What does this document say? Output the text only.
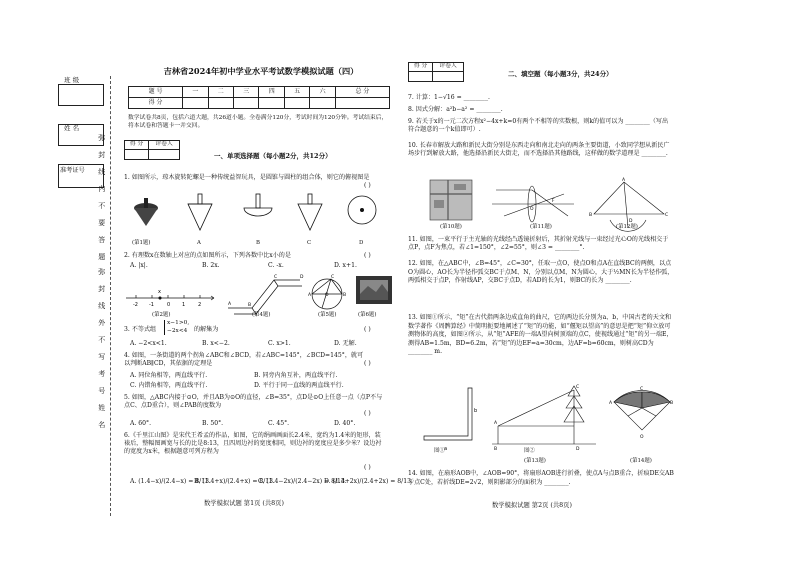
班 级
姓 名
准考证号 弥封线内不要答题
弥封线外不写考号姓名
吉林省2024年初中学业水平考试数学模拟试题（四）
题 号	一	二	三	四	五	六	总 分
得 分							
数学试卷共8页，包括六道大题，共26道小题。全卷满分120分，考试时间为120分钟。考试结束后，将本试卷和答题卡一并交回。
得 分	评卷人

一、单项选择题（每小题2分，共12分）
1. 如图所示，琼木旋转陀螺是一种传统益智玩具，是圆锥与圆柱的组合体，则它的俯视图是
( )
(第1题)	A	B	C	D
2. 有理数x在数轴上对应的点如图所示，下列各数中比x小的是	( )
A. |x|.	B. 2x.	C. -x.	D. x+1.
-2 -1	0 1	2
x
B
C
A
D
A	B
O
C
(第2题)	(第4题)	(第5题)	(第6题)
3. 不等式组
x−1>0,
−2x<4 的解集为	( )
A. −2<x<1.	B. x<−2.	C. x>1.	D. 无解.
4. 如图，一条街道的两个拐角∠ABC和∠BCD，若∠ABC=145°，∠BCD=145°，就可以判断AB∥CD，其依据的定理是	( )
A. 同位角相等，两直线平行.	B. 同旁内角互补，两直线平行.
C. 内错角相等，两直线平行.	D. 平行于同一直线的两直线平行.
5. 如图，△ABC内接于⊙O，并且AB为⊙O的直径，∠B=35°，点D是⊙O上任意一点（点P不与点C、点D重合），则∠PAB的度数为
( )
A. 60°.	B. 50°.	C. 45°.	D. 40°.
6.《千里江山图》是宋代王希孟的作品，如图，它的绢画画面长2.4米，宽约为1.4米的矩形，装裱后，整幅图画宽与长的比是8:13，且四周边衬的宽度相同，则边衬的宽度应是多少米？设边衬的宽度为x米，根据题意可列方程为
( )
A. (1.4−x)/(2.4−x) = 8/13.
B. (1.4+x)/(2.4+x) = 8/13.
C. (1.4−2x)/(2.4−2x) = 8/13.
D. (1.4+2x)/(2.4+2x) = 8/13.
数学模拟试题 第1页 (共8页)
得 分	评卷人

二、填空题（每小题3分，共24分）
7. 计算：1−√16 = ________.
8. 因式分解：a²b−a² = ________.
9. 若关于x的一元二次方程x²−4x+k=0有两个不相等的实数根，则k的值可以为 ________（写出符合题意的一个k值即可）.
10. 长春市解放大路和新民大街分别是东西走向和南北走向的两条主要街道，小致同学想从新民广场步行到解放大路，他选择沿新民大街走，而不选择沿其他路线，这样做的数学道理是 ________.
O
F
A
B	C
D
(第10题)	(第11题)	(第12题)
11. 如图，一束平行于主光轴的光线经凸透镜折射后，其折射光线与一束经过光心O的光线相交于点P，点F为焦点，若∠1=150°，∠2=55°，则∠3 = ________°.
12. 如图，在△ABC中，∠B=45°，∠C=30°，任取一点O，使点O和点A在直线BC的两侧，以点O为圆心，AO长为半径作弧交BC于点M、N，分别以点M、N为圆心，大于½MN长为半径作弧，两弧相交于点P，作射线AP，交BC于点D，若AD的长为1，则BC的长为 ________.
13. 如图①所示，“矩”在古代指两条边成直角的曲尺，它的两边长分别为a、b，中国古老的天文和数学著作《周髀算经》中简明扼要地阐述了“矩”的功能，如“偃矩以望高”的意思是把“矩”仰立放可测物体的高度，如图②所示，从“矩”AFE的一端A望向树顶端的点C，使视线通过“矩”的另一端E，测得AB=1.5m，BD=6.2m，若“矩”的边EF=a=30cm，边AF=b=60cm，则树高CD为 ________ m.
a
b
A
B
C
D
A	B
C
O
图①	图②
(第13题)	(第14题)
14. 如图，在扇形AOB中，∠AOB=90°，将扇形AOB进行折叠，使点A与点B重合，折痕DE交AB于点C处，若折线DE=2√2，则阴影部分的面积为 ________.
数学模拟试题 第2页 (共8页)
